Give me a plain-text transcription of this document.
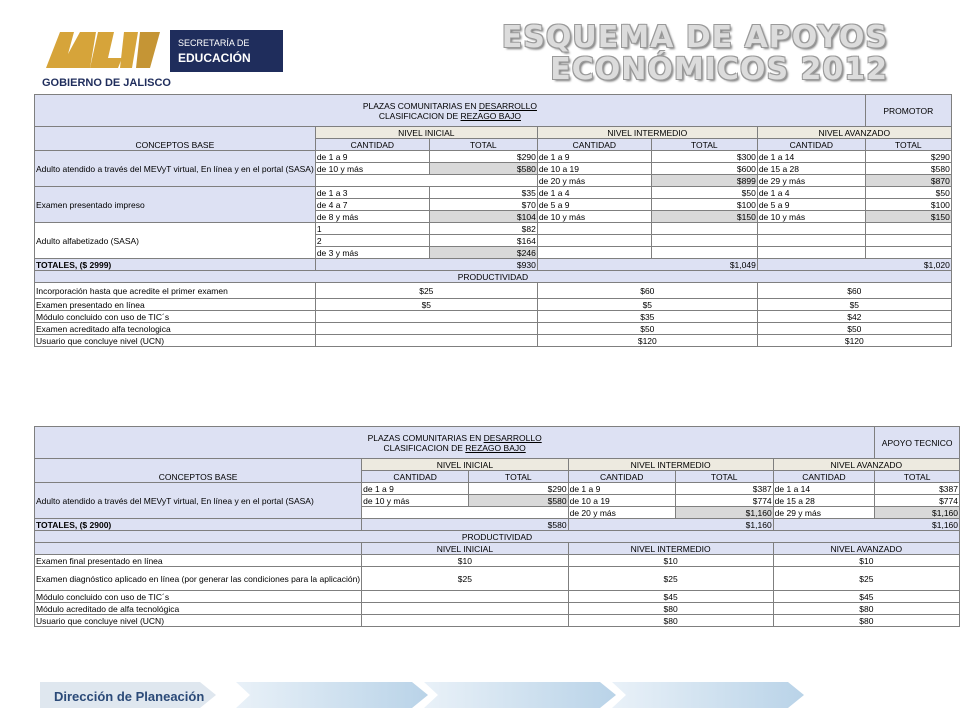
GOBIERNO DE JALISCO
SECRETARÍA DE
EDUCACIÓN
ESQUEMA DE APOYOS
ECONÓMICOS 2012
PLAZAS COMUNITARIAS EN DESARROLLO
CLASIFICACION DE REZAGO BAJO						PROMOTOR
CONCEPTOS BASE	NIVEL INICIAL		NIVEL INTERMEDIO		NIVEL AVANZADO	
	CANTIDAD	TOTAL	CANTIDAD	TOTAL	CANTIDAD	TOTAL
Adulto atendido a través del MEVyT virtual, En línea y en el portal (SASA)	de 1 a 9	$290	de 1 a 9	$300	de 1 a 14	$290
	de 10 y más	$580	de 10 a 19	$600	de 15 a 28	$580
			de 20 y más	$899	de 29 y más	$870
Examen presentado impreso	de 1 a 3	$35	de 1 a 4	$50	de 1 a 4	$50
	de 4 a 7	$70	de 5 a 9	$100	de 5 a 9	$100
	de 8 y más	$104	de 10 y más	$150	de 10 y más	$150
Adulto alfabetizado (SASA)	1	$82				
	2	$164				
	de 3 y más	$246				
TOTALES, ($ 2999)	$930		$1,049		$1,020	
PRODUCTIVIDAD						
Incorporación hasta que acredite el primer examen	$25		$60		$60	
Examen presentado en línea	$5		$5		$5	
Módulo concluido con uso de TIC´s			$35		$42	
Examen acreditado alfa tecnologica			$50		$50	
Usuario que concluye nivel (UCN)			$120		$120	
PLAZAS COMUNITARIAS EN DESARROLLO
CLASIFICACION DE REZAGO BAJO						APOYO TECNICO
CONCEPTOS BASE	NIVEL INICIAL		NIVEL INTERMEDIO		NIVEL AVANZADO	
	CANTIDAD	TOTAL	CANTIDAD	TOTAL	CANTIDAD	TOTAL
Adulto atendido a través del MEVyT virtual, En línea y en el portal (SASA)	de 1 a 9	$290	de 1 a 9	$387	de 1 a 14	$387
	de 10 y más	$580	de 10 a 19	$774	de 15 a 28	$774
			de 20 y más	$1,160	de 29 y más	$1,160
TOTALES, ($ 2900)	$580		$1,160		$1,160	
PRODUCTIVIDAD						
	NIVEL INICIAL		NIVEL INTERMEDIO		NIVEL AVANZADO	
Examen final presentado en línea	$10		$10		$10	
Examen diagnóstico aplicado en línea (por generar las condiciones para la aplicación)	$25		$25		$25	
Módulo concluido con uso de TIC´s			$45		$45	
Módulo acreditado de alfa tecnológica			$80		$80	
Usuario que concluye nivel (UCN)			$80		$80	
Dirección de Planeación
